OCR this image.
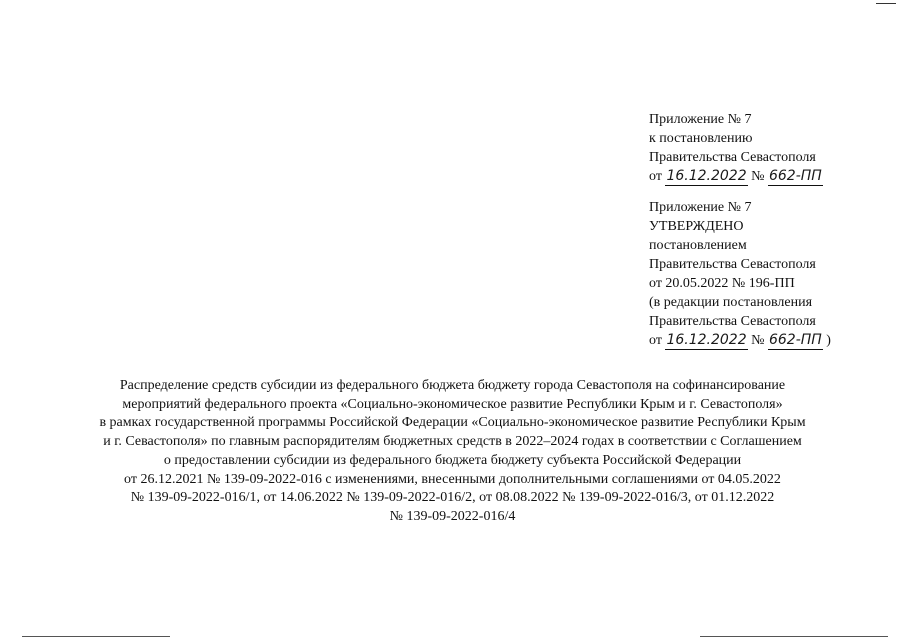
Приложение № 7
к постановлению
Правительства Севастополя
от 16.12.2022 № 662-ПП
Приложение № 7
УТВЕРЖДЕНО
постановлением
Правительства Севастополя
от 20.05.2022 № 196-ПП
(в редакции постановления
Правительства Севастополя
от 16.12.2022 № 662-ПП )
Распределение средств субсидии из федерального бюджета бюджету города Севастополя на софинансирование
мероприятий федерального проекта «Социально-экономическое развитие Республики Крым и г. Севастополя»
в рамках государственной программы Российской Федерации «Социально-экономическое развитие Республики Крым
и г. Севастополя» по главным распорядителям бюджетных средств в 2022–2024 годах в соответствии с Соглашением
о предоставлении субсидии из федерального бюджета бюджету субъекта Российской Федерации
от 26.12.2021 № 139-09-2022-016 с изменениями, внесенными дополнительными соглашениями от 04.05.2022
№ 139-09-2022-016/1, от 14.06.2022 № 139-09-2022-016/2, от 08.08.2022 № 139-09-2022-016/3, от 01.12.2022
№ 139-09-2022-016/4
